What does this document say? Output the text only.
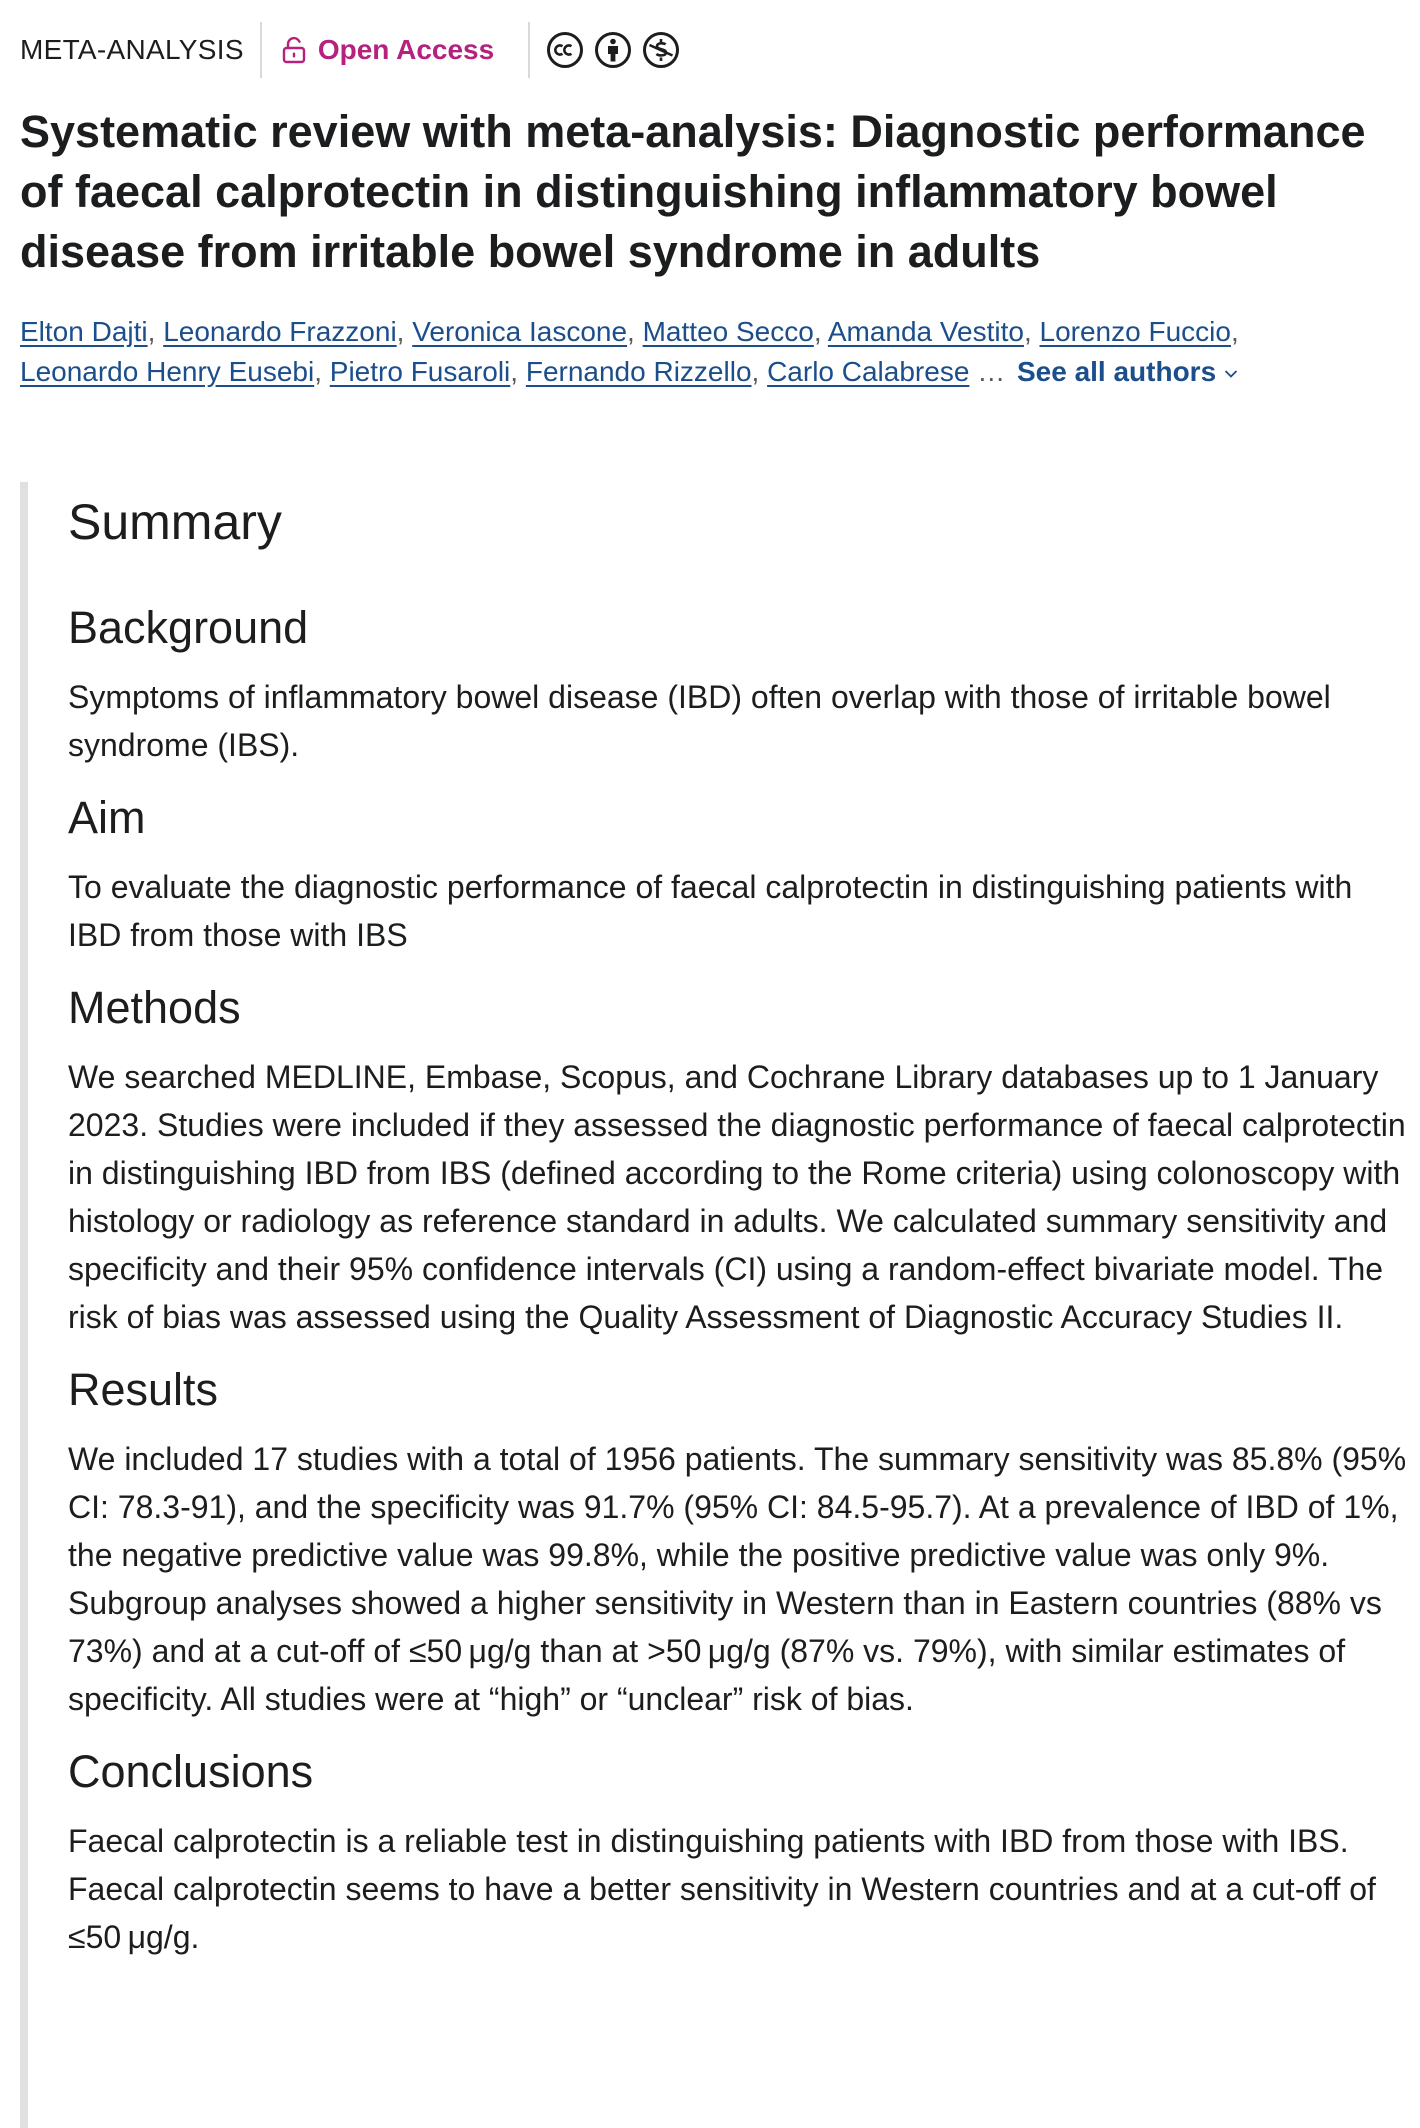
META-ANALYSIS	Open Access
Systematic review with meta-analysis: Diagnostic performance of faecal calprotectin in distinguishing inflammatory bowel disease from irritable bowel syndrome in adults
Elton Dajti, Leonardo Frazzoni, Veronica Iascone, Matteo Secco, Amanda Vestito, Lorenzo Fuccio,
Leonardo Henry Eusebi, Pietro Fusaroli, Fernando Rizzello, Carlo Calabrese … See all authors
Summary
Background

Symptoms of inflammatory bowel disease (IBD) often overlap with those of irritable bowel syndrome (IBS).

Aim

To evaluate the diagnostic performance of faecal calprotectin in distinguishing patients with IBD from those with IBS

Methods

We searched MEDLINE, Embase, Scopus, and Cochrane Library databases up to 1 January 2023. Studies were included if they assessed the diagnostic performance of faecal calprotectin in distinguishing IBD from IBS (defined according to the Rome criteria) using colonoscopy with histology or radiology as reference standard in adults. We calculated summary sensitivity and specificity and their 95% confidence intervals (CI) using a random-effect bivariate model. The risk of bias was assessed using the Quality Assessment of Diagnostic Accuracy Studies II.

Results

We included 17 studies with a total of 1956 patients. The summary sensitivity was 85.8% (95% CI: 78.3-91), and the specificity was 91.7% (95% CI: 84.5-95.7). At a prevalence of IBD of 1%, the negative predictive value was 99.8%, while the positive predictive value was only 9%. Subgroup analyses showed a higher sensitivity in Western than in Eastern countries (88% vs 73%) and at a cut-off of ≤50 μg/g than at >50 μg/g (87% vs. 79%), with similar estimates of specificity. All studies were at “high” or “unclear” risk of bias.

Conclusions

Faecal calprotectin is a reliable test in distinguishing patients with IBD from those with IBS. Faecal calprotectin seems to have a better sensitivity in Western countries and at a cut-off of ≤50 μg/g.
